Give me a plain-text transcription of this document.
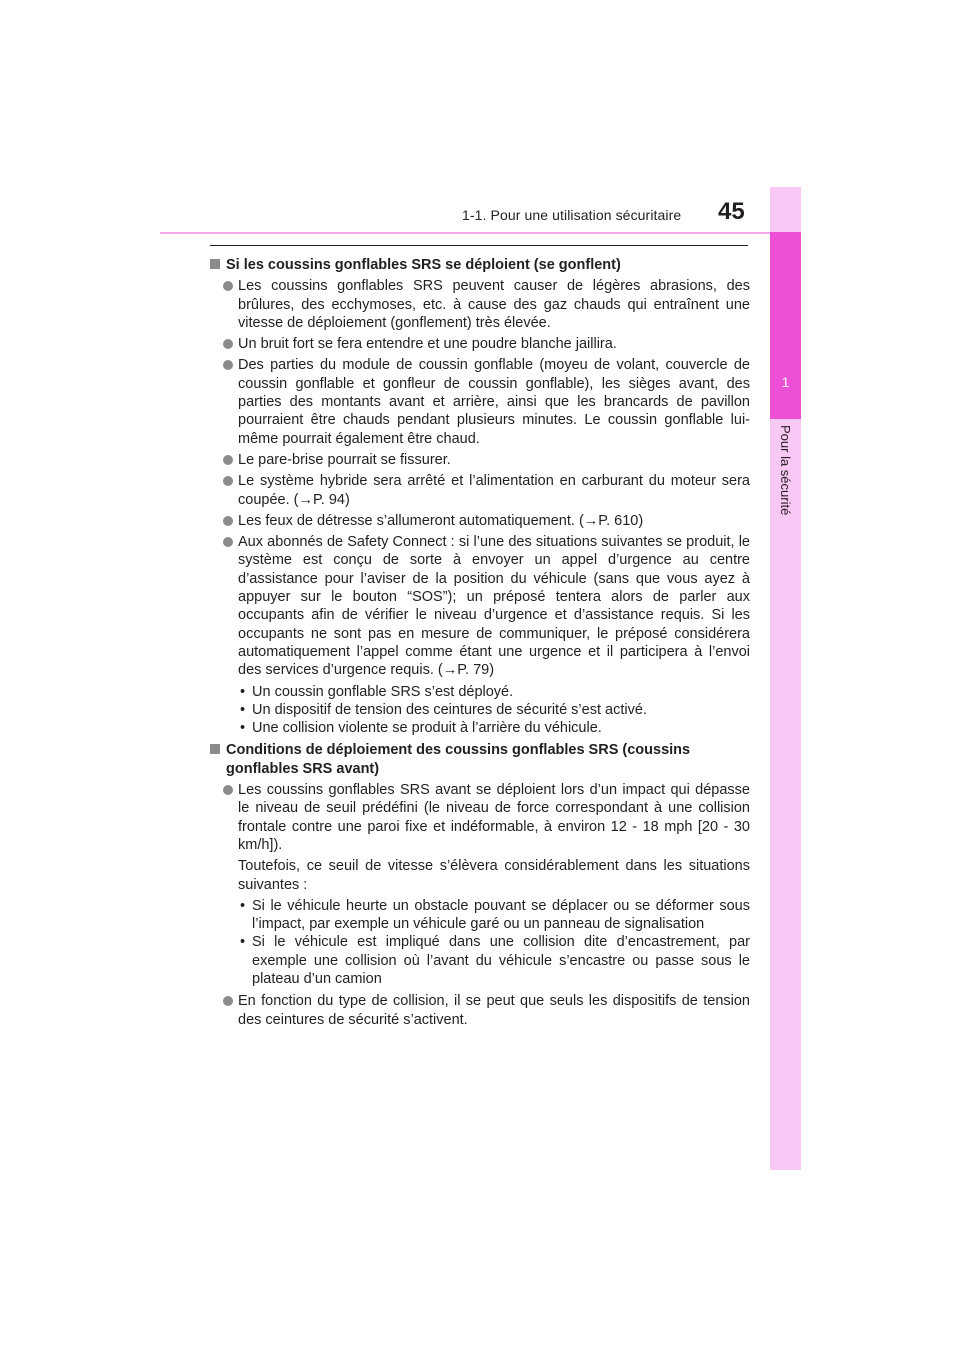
1-1. Pour une utilisation sécuritaire 45
1
Pour la sécurité
Si les coussins gonflables SRS se déploient (se gonflent)
Les coussins gonflables SRS peuvent causer de légères abrasions, des brûlures, des ecchymoses, etc. à cause des gaz chauds qui entraînent une vitesse de déploiement (gonflement) très élevée.
Un bruit fort se fera entendre et une poudre blanche jaillira.
Des parties du module de coussin gonflable (moyeu de volant, couvercle de coussin gonflable et gonfleur de coussin gonflable), les sièges avant, des parties des montants avant et arrière, ainsi que les brancards de pavillon pourraient être chauds pendant plusieurs minutes. Le coussin gonflable lui-même pourrait également être chaud.
Le pare-brise pourrait se fissurer.
Le système hybride sera arrêté et l’alimentation en carburant du moteur sera coupée. (→P. 94)
Les feux de détresse s’allumeront automatiquement. (→P. 610)
Aux abonnés de Safety Connect : si l’une des situations suivantes se produit, le système est conçu de sorte à envoyer un appel d’urgence au centre d’assistance pour l’aviser de la position du véhicule (sans que vous ayez à appuyer sur le bouton “SOS”); un préposé tentera alors de parler aux occupants afin de vérifier le niveau d’urgence et d’assistance requis. Si les occupants ne sont pas en mesure de communiquer, le préposé considérera automatiquement l’appel comme étant une urgence et il participera à l’envoi des services d’urgence requis. (→P. 79)
• Un coussin gonflable SRS s’est déployé.
• Un dispositif de tension des ceintures de sécurité s’est activé.
• Une collision violente se produit à l’arrière du véhicule.
Conditions de déploiement des coussins gonflables SRS (coussins gonflables SRS avant)
Les coussins gonflables SRS avant se déploient lors d’un impact qui dépasse le niveau de seuil prédéfini (le niveau de force correspondant à une collision frontale contre une paroi fixe et indéformable, à environ 12 - 18 mph [20 - 30 km/h]).
Toutefois, ce seuil de vitesse s’élèvera considérablement dans les situations suivantes :
• Si le véhicule heurte un obstacle pouvant se déplacer ou se déformer sous l’impact, par exemple un véhicule garé ou un panneau de signalisation
• Si le véhicule est impliqué dans une collision dite d’encastrement, par exemple une collision où l’avant du véhicule s’encastre ou passe sous le plateau d’un camion
En fonction du type de collision, il se peut que seuls les dispositifs de tension des ceintures de sécurité s’activent.
